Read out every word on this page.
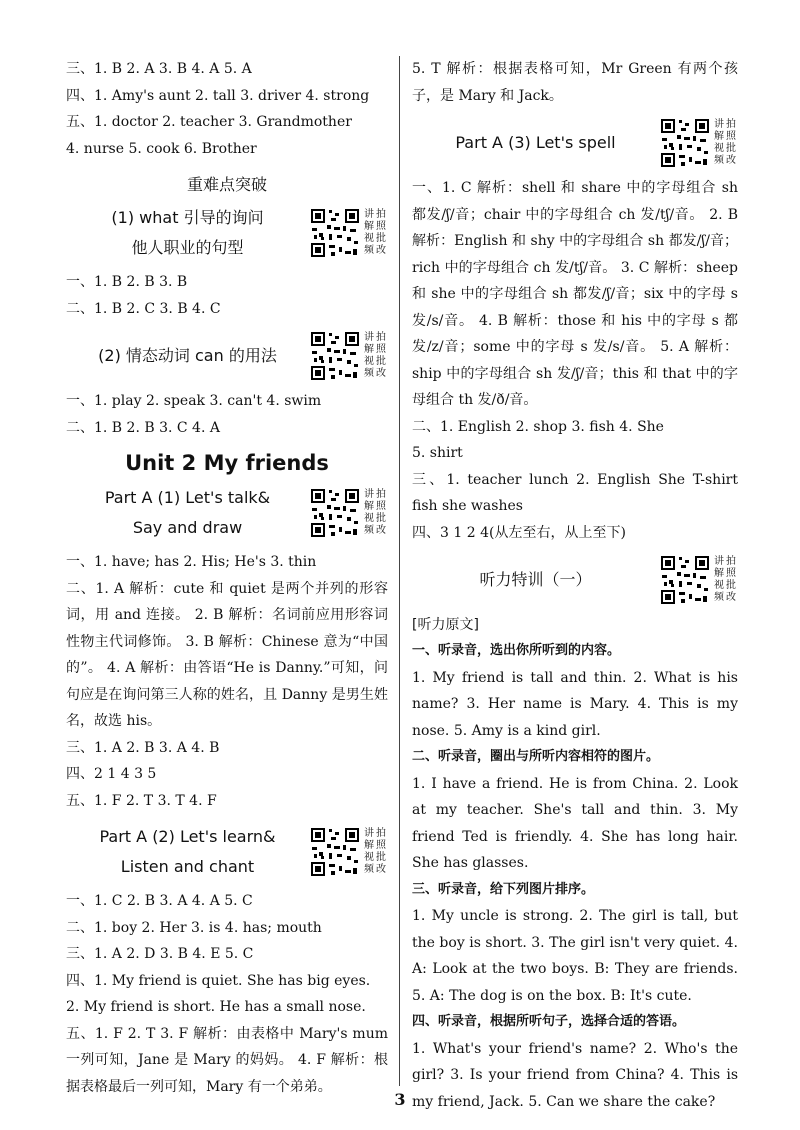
三、1. B 2. A 3. B 4. A 5. A
四、1. Amy's aunt 2. tall 3. driver 4. strong
五、1. doctor 2. teacher 3. Grandmother
4. nurse 5. cook 6. Brother
重难点突破
(1) what 引导的询问
他人职业的句型
讲 拍
解 照
视 批
频 改
一、1. B 2. B 3. B
二、1. B 2. C 3. B 4. C
(2) 情态动词 can 的用法
讲 拍
解 照
视 批
频 改
一、1. play 2. speak 3. can't 4. swim
二、1. B 2. B 3. C 4. A
Unit 2 My friends
Part A (1) Let's talk&
Say and draw
讲 拍
解 照
视 批
频 改
一、1. have; has 2. His; He's 3. thin
二、1. A 解析：cute 和 quiet 是两个并列的形容词，用 and 连接。 2. B 解析：名词前应用形容词性物主代词修饰。 3. B 解析：Chinese 意为“中国的”。 4. A 解析：由答语“He is Danny.”可知，问句应是在询问第三人称的姓名，且 Danny 是男生姓名，故选 his。
三、1. A 2. B 3. A 4. B
四、2 1 4 3 5
五、1. F 2. T 3. T 4. F
Part A (2) Let's learn&
Listen and chant
讲 拍
解 照
视 批
频 改
一、1. C 2. B 3. A 4. A 5. C
二、1. boy 2. Her 3. is 4. has; mouth
三、1. A 2. D 3. B 4. E 5. C
四、1. My friend is quiet. She has big eyes.
2. My friend is short. He has a small nose.
五、1. F 2. T 3. F 解析：由表格中 Mary's mum 一列可知，Jane 是 Mary 的妈妈。 4. F 解析：根据表格最后一列可知，Mary 有一个弟弟。
5. T 解析：根据表格可知，Mr Green 有两个孩子，是 Mary 和 Jack。
Part A (3) Let's spell
讲 拍
解 照
视 批
频 改
一、1. C 解析：shell 和 share 中的字母组合 sh 都发/ʃ/音；chair 中的字母组合 ch 发/tʃ/音。 2. B 解析：English 和 shy 中的字母组合 sh 都发/ʃ/音；rich 中的字母组合 ch 发/tʃ/音。 3. C 解析：sheep 和 she 中的字母组合 sh 都发/ʃ/音；six 中的字母 s 发/s/音。 4. B 解析：those 和 his 中的字母 s 都发/z/音；some 中的字母 s 发/s/音。 5. A 解析：ship 中的字母组合 sh 发/ʃ/音；this 和 that 中的字母组合 th 发/ð/音。
二、1. English 2. shop 3. fish 4. She
5. shirt
三、1. teacher lunch 2. English She T-shirt fish she washes
四、3 1 2 4(从左至右，从上至下)
听力特训（一）
讲 拍
解 照
视 批
频 改
[听力原文]
一、听录音，选出你所听到的内容。
1. My friend is tall and thin. 2. What is his name? 3. Her name is Mary. 4. This is my nose. 5. Amy is a kind girl.
二、听录音，圈出与所听内容相符的图片。
1. I have a friend. He is from China. 2. Look at my teacher. She's tall and thin. 3. My friend Ted is friendly. 4. She has long hair. She has glasses.
三、听录音，给下列图片排序。
1. My uncle is strong. 2. The girl is tall, but the boy is short. 3. The girl isn't very quiet. 4. A: Look at the two boys. B: They are friends. 5. A: The dog is on the box. B: It's cute.
四、听录音，根据所听句子，选择合适的答语。
1. What's your friend's name? 2. Who's the girl? 3. Is your friend from China? 4. This is my friend, Jack. 5. Can we share the cake?
3
